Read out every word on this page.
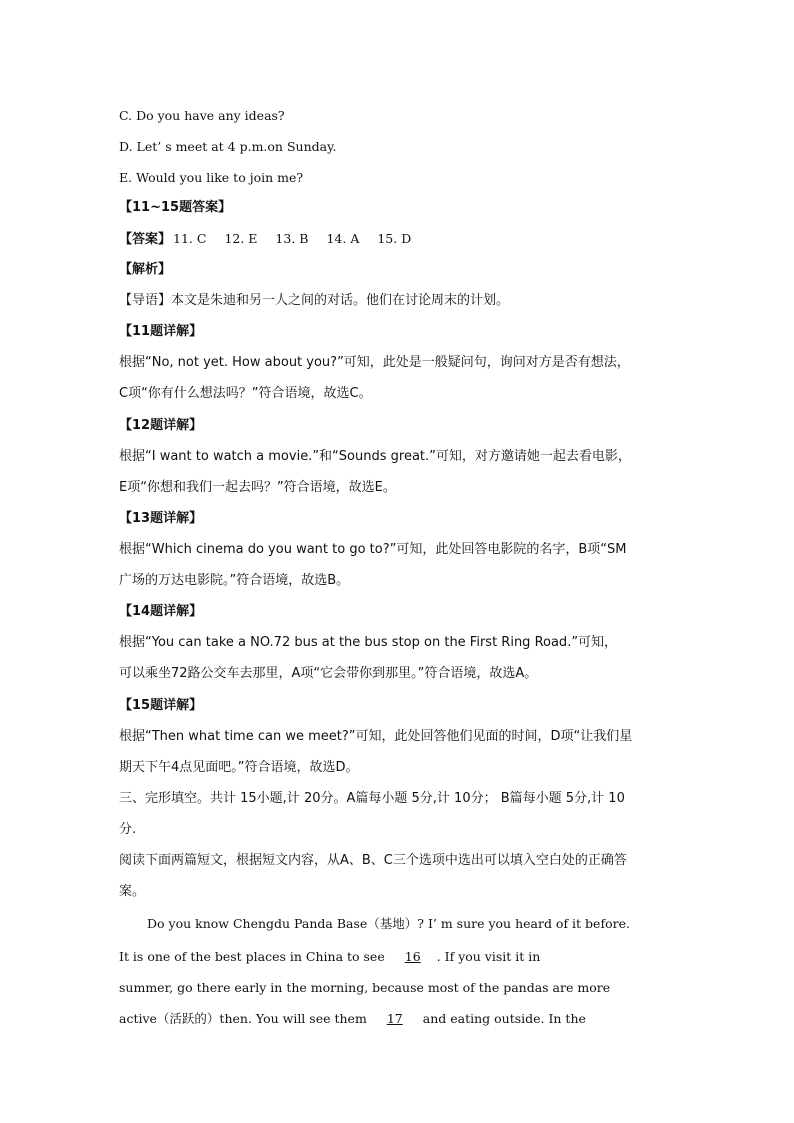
C. Do you have any ideas?
D. Let’ s meet at 4 p.m.on Sunday.
E. Would you like to join me?
【11~15题答案】
【答案】 11. C 12. E 13. B 14. A 15. D
【解析】
【导语】本文是朱迪和另一人之间的对话。他们在讨论周末的计划。
【11题详解】
根据“No, not yet. How about you?”可知，此处是一般疑问句，询问对方是否有想法，
C项“你有什么想法吗？”符合语境，故选C。
【12题详解】
根据“I want to watch a movie.”和“Sounds great.”可知，对方邀请她一起去看电影，
E项“你想和我们一起去吗？”符合语境，故选E。
【13题详解】
根据“Which cinema do you want to go to?”可知，此处回答电影院的名字，B项“SM
广场的万达电影院。”符合语境，故选B。
【14题详解】
根据“You can take a NO.72 bus at the bus stop on the First Ring Road.”可知，
可以乘坐72路公交车去那里，A项“它会带你到那里。”符合语境，故选A。
【15题详解】
根据“Then what time can we meet?”可知，此处回答他们见面的时间，D项“让我们星
期天下午4点见面吧。”符合语境，故选D。
三、完形填空。共计 15小题,计 20分。A篇每小题 5分,计 10分； B篇每小题 5分,计 10
分.
阅读下面两篇短文，根据短文内容，从A、B、C三个选项中选出可以填入空白处的正确答
案。
Do you know Chengdu Panda Base（基地）? I’ m sure you heard of it before.
It is one of the best places in China to see 16 . If you visit it in
summer, go there early in the morning, because most of the pandas are more
active（活跃的）then. You will see them 17 and eating outside. In the
